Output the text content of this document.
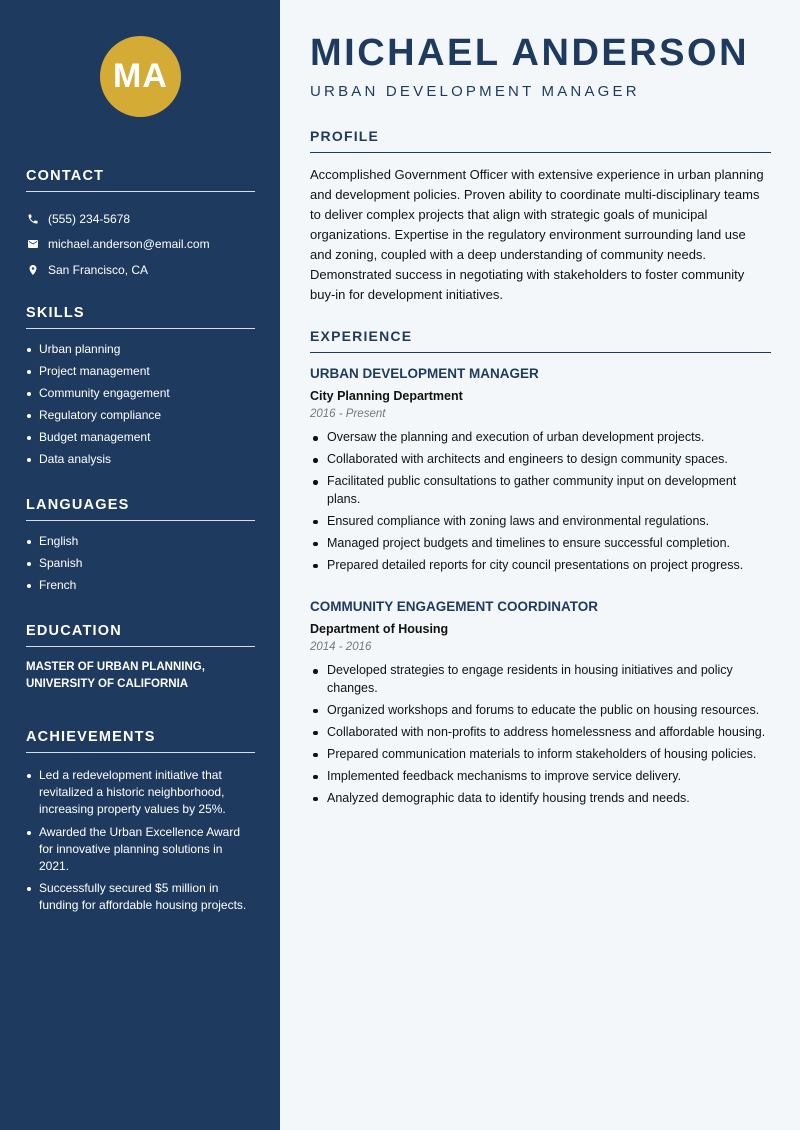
MA
CONTACT
(555) 234-5678
michael.anderson@email.com
San Francisco, CA
SKILLS
Urban planning
Project management
Community engagement
Regulatory compliance
Budget management
Data analysis
LANGUAGES
English
Spanish
French
EDUCATION
MASTER OF URBAN PLANNING,
UNIVERSITY OF CALIFORNIA
ACHIEVEMENTS
Led a redevelopment initiative that revitalized a historic neighborhood, increasing property values by 25%.
Awarded the Urban Excellence Award for innovative planning solutions in 2021.
Successfully secured $5 million in funding for affordable housing projects.
MICHAEL ANDERSON
URBAN DEVELOPMENT MANAGER
PROFILE

Accomplished Government Officer with extensive experience in urban planning and development policies. Proven ability to coordinate multi-disciplinary teams to deliver complex projects that align with strategic goals of municipal organizations. Expertise in the regulatory environment surrounding land use and zoning, coupled with a deep understanding of community needs. Demonstrated success in negotiating with stakeholders to foster community buy-in for development initiatives.

EXPERIENCE
URBAN DEVELOPMENT MANAGER
City Planning Department
2016 - Present
Oversaw the planning and execution of urban development projects.
Collaborated with architects and engineers to design community spaces.
Facilitated public consultations to gather community input on development plans.
Ensured compliance with zoning laws and environmental regulations.
Managed project budgets and timelines to ensure successful completion.
Prepared detailed reports for city council presentations on project progress.
COMMUNITY ENGAGEMENT COORDINATOR
Department of Housing
2014 - 2016
Developed strategies to engage residents in housing initiatives and policy changes.
Organized workshops and forums to educate the public on housing resources.
Collaborated with non-profits to address homelessness and affordable housing.
Prepared communication materials to inform stakeholders of housing policies.
Implemented feedback mechanisms to improve service delivery.
Analyzed demographic data to identify housing trends and needs.
